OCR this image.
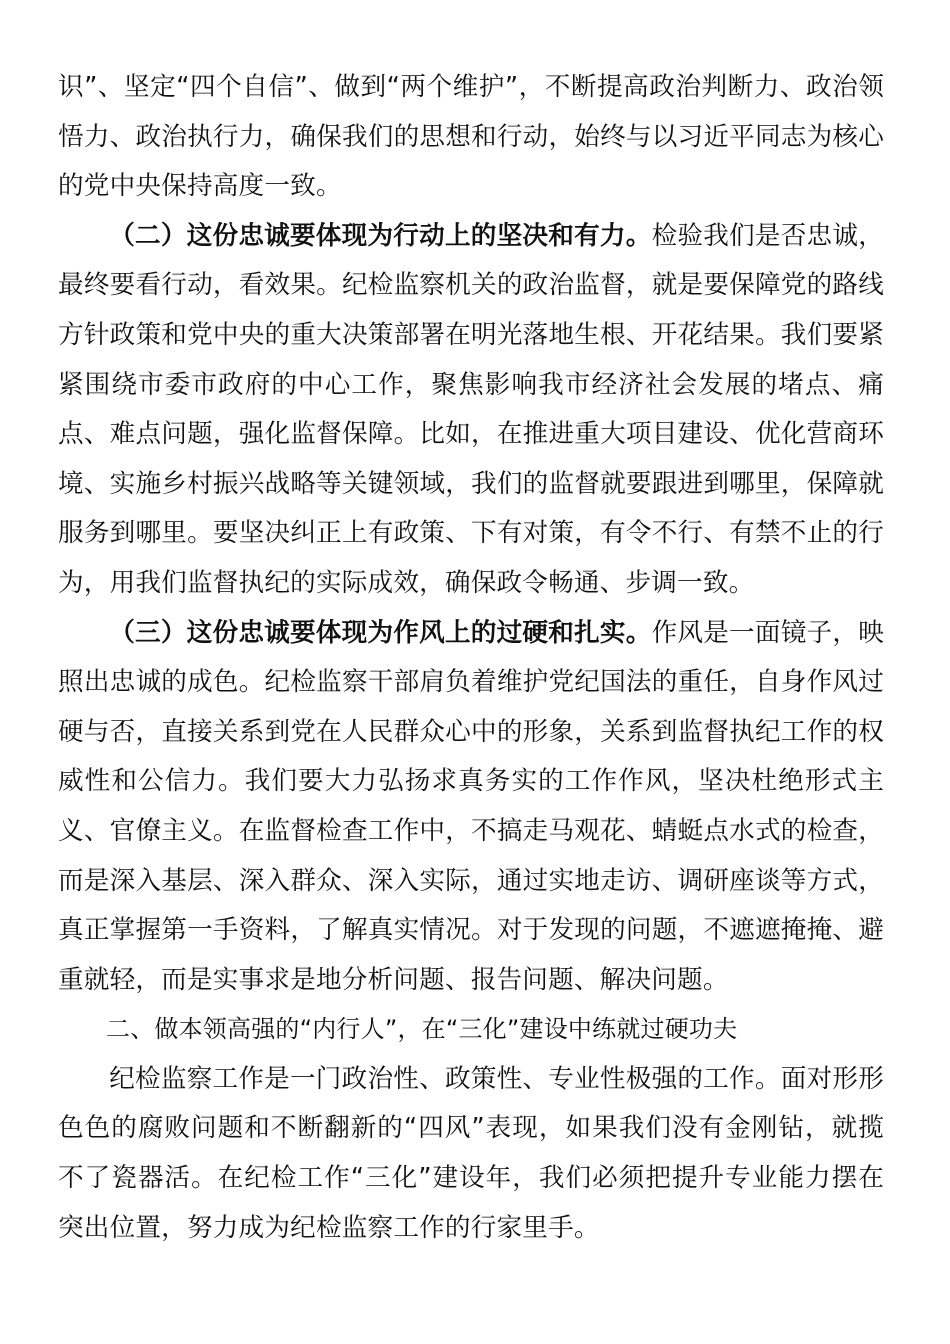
识”、坚定“四个自信”、做到“两个维护”，不断提高政治判断力、政治领悟力、政治执行力，确保我们的思想和行动，始终与以习近平同志为核心的党中央保持高度一致。

（二）这份忠诚要体现为行动上的坚决和有力。检验我们是否忠诚，最终要看行动，看效果。纪检监察机关的政治监督，就是要保障党的路线方针政策和党中央的重大决策部署在明光落地生根、开花结果。我们要紧紧围绕市委市政府的中心工作，聚焦影响我市经济社会发展的堵点、痛点、难点问题，强化监督保障。比如，在推进重大项目建设、优化营商环境、实施乡村振兴战略等关键领域，我们的监督就要跟进到哪里，保障就服务到哪里。要坚决纠正上有政策、下有对策，有令不行、有禁不止的行为，用我们监督执纪的实际成效，确保政令畅通、步调一致。

（三）这份忠诚要体现为作风上的过硬和扎实。作风是一面镜子，映照出忠诚的成色。纪检监察干部肩负着维护党纪国法的重任，自身作风过硬与否，直接关系到党在人民群众心中的形象，关系到监督执纪工作的权威性和公信力。我们要大力弘扬求真务实的工作作风，坚决杜绝形式主义、官僚主义。在监督检查工作中，不搞走马观花、蜻蜓点水式的检查，而是深入基层、深入群众、深入实际，通过实地走访、调研座谈等方式，真正掌握第一手资料，了解真实情况。对于发现的问题，不遮遮掩掩、避重就轻，而是实事求是地分析问题、报告问题、解决问题。

二、做本领高强的“内行人”，在“三化”建设中练就过硬功夫

纪检监察工作是一门政治性、政策性、专业性极强的工作。面对形形色色的腐败问题和不断翻新的“四风”表现，如果我们没有金刚钻，就揽不了瓷器活。在纪检工作“三化”建设年，我们必须把提升专业能力摆在突出位置，努力成为纪检监察工作的行家里手。
